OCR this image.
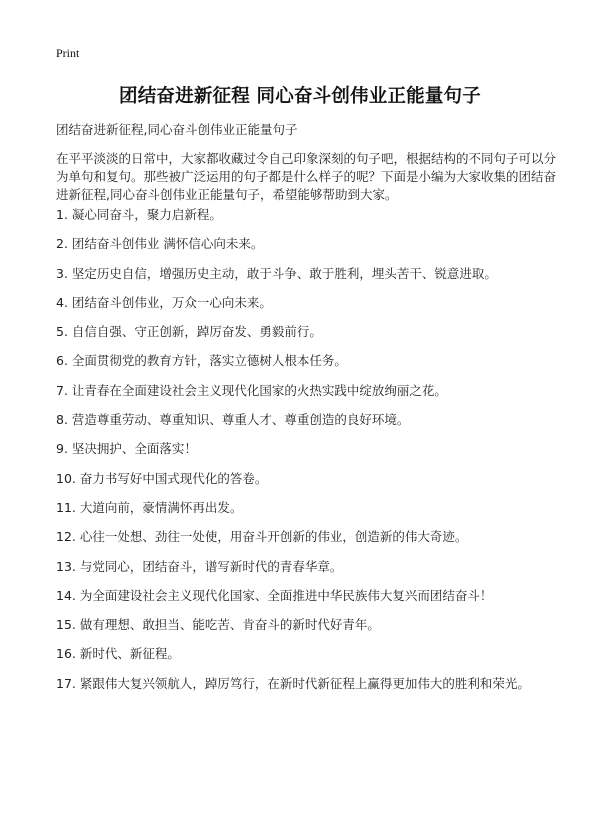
Print
团结奋进新征程 同心奋斗创伟业正能量句子

团结奋进新征程,同心奋斗创伟业正能量句子

在平平淡淡的日常中，大家都收藏过令自己印象深刻的句子吧，根据结构的不同句子可以分为单句和复句。那些被广泛运用的句子都是什么样子的呢？下面是小编为大家收集的团结奋进新征程,同心奋斗创伟业正能量句子，希望能够帮助到大家。

1. 凝心同奋斗，聚力启新程。
2. 团结奋斗创伟业 满怀信心向未来。
3. 坚定历史自信，增强历史主动，敢于斗争、敢于胜利，埋头苦干、锐意进取。
4. 团结奋斗创伟业，万众一心向未来。
5. 自信自强、守正创新，踔厉奋发、勇毅前行。
6. 全面贯彻党的教育方针，落实立德树人根本任务。
7. 让青春在全面建设社会主义现代化国家的火热实践中绽放绚丽之花。
8. 营造尊重劳动、尊重知识、尊重人才、尊重创造的良好环境。
9. 坚决拥护、全面落实！
10. 奋力书写好中国式现代化的答卷。
11. 大道向前，豪情满怀再出发。
12. 心往一处想、劲往一处使，用奋斗开创新的伟业，创造新的伟大奇迹。
13. 与党同心，团结奋斗，谱写新时代的青春华章。
14. 为全面建设社会主义现代化国家、全面推进中华民族伟大复兴而团结奋斗！
15. 做有理想、敢担当、能吃苦、肯奋斗的新时代好青年。
16. 新时代、新征程。
17. 紧跟伟大复兴领航人，踔厉笃行，在新时代新征程上赢得更加伟大的胜利和荣光。
